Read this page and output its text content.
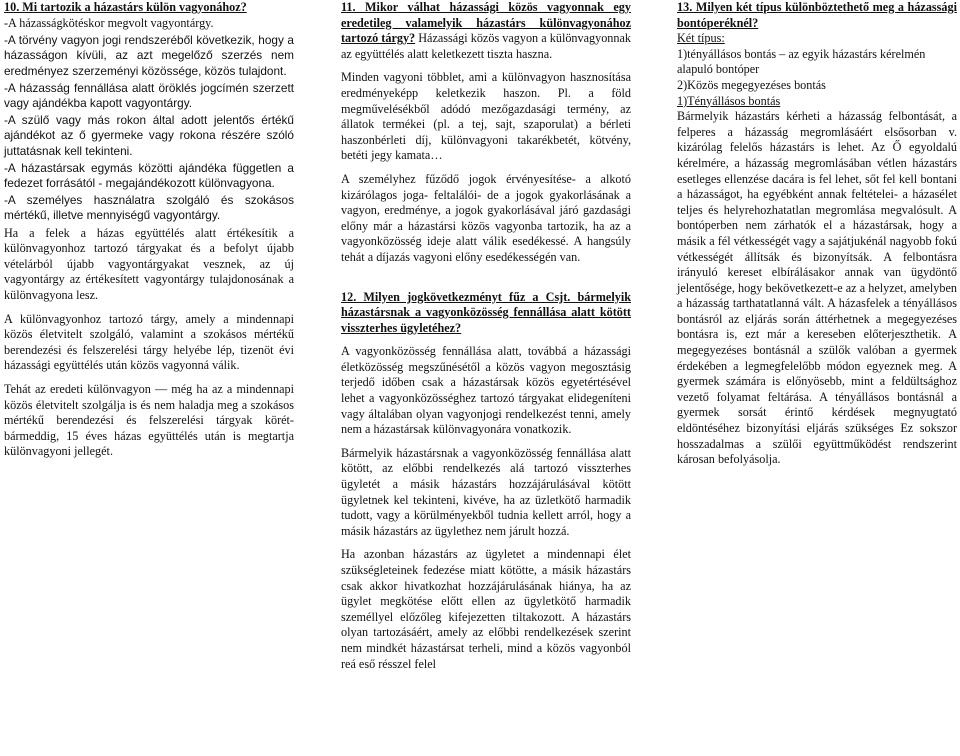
10. Mi tartozik a házastárs külön vagyonához?
-A házasságkötéskor megvolt vagyontárgy.
-A törvény vagyon jogi rendszeréből következik, hogy a házasságon kívüli, az azt megelőző szerzés nem eredményez szerzeményi közössége, közös tulajdont.
-A házasság fennállása alatt öröklés jogcímén szerzett vagy ajándékba kapott vagyontárgy.
-A szülő vagy más rokon által adott jelentős értékű ajándékot az ő gyermeke vagy rokona részére szóló juttatásnak kell tekinteni.
-A házastársak egymás közötti ajándéka független a fedezet forrásától - megajándékozott különvagyona.
-A személyes használatra szolgáló és szokásos mértékű, illetve mennyiségű vagyontárgy.
Ha a felek a házas együttélés alatt értékesítik a különvagyonhoz tartozó tárgyakat és a befolyt újabb vételárból újabb vagyontárgyakat vesznek, az új vagyontárgy az értékesített vagyontárgy tulajdonosának a különvagyona lesz.
A különvagyonhoz tartozó tárgy, amely a mindennapi közös életvitelt szolgáló, valamint a szokásos mértékű berendezési és felszerelési tárgy helyébe lép, tizenöt évi házassági együttélés után közös vagyonná válik.
Tehát az eredeti különvagyon — még ha az a mindennapi közös életvitelt szolgálja is és nem haladja meg a szokásos mértékű berendezési és felszerelési tárgyak körét- bármeddig, 15 éves házas együttélés után is megtartja különvagyoni jellegét.
11. Mikor válhat házassági közös vagyonnak egy eredetileg valamelyik házastárs különvagyonához tartozó tárgy? Házassági közös vagyon a különvagyonnak az együttélés alatt keletkezett tiszta haszna.
Minden vagyoni többlet, ami a különvagyon hasznosítása eredményeképp keletkezik haszon. Pl. a föld megművelésékből adódó mezőgazdasági termény, az állatok termékei (pl. a tej, sajt, szaporulat) a bérleti haszonbérleti díj, különvagyoni takarékbetét, kötvény, betéti jegy kamata…
A személyhez fűződő jogok érvényesítése- a alkotó kizárólagos joga- feltalálói- de a jogok gyakorlásának a vagyon, eredménye, a jogok gyakorlásával járó gazdasági előny már a házastársi közös vagyonba tartozik, ha az a vagyonközösség ideje alatt válik esedékessé. A hangsúly tehát a díjazás vagyoni előny esedékességén van.
12. Milyen jogkövetkezményt fűz a Csjt. bármelyik házastársnak a vagyonközösség fennállása alatt kötött visszterhes ügyletéhez?
A vagyonközösség fennállása alatt, továbbá a házassági életközösség megszűnésétől a közös vagyon megosztásig terjedő időben csak a házastársak közös egyetértésével lehet a vagyonközösséghez tartozó tárgyakat elidegeníteni vagy általában olyan vagyonjogi rendelkezést tenni, amely nem a házastársak különvagyonára vonatkozik.
Bármelyik házastársnak a vagyonközösség fennállása alatt kötött, az előbbi rendelkezés alá tartozó visszterhes ügyletét a másik házastárs hozzájárulásával kötött ügyletnek kel tekinteni, kivéve, ha az üzletkötő harmadik tudott, vagy a körülményekből tudnia kellett arról, hogy a másik házastárs az ügylethez nem járult hozzá.
Ha azonban házastárs az ügyletet a mindennapi élet szükségleteinek fedezése miatt kötötte, a másik házastárs csak akkor hivatkozhat hozzájárulásának hiánya, ha az ügylet megkötése előtt ellen az ügyletkötő harmadik személlyel előzőleg kifejezetten tiltakozott. A házastárs olyan tartozásáért, amely az előbbi rendelkezések szerint nem mindkét házastársat terheli, mind a közös vagyonból reá eső résszel felel
13. Milyen két típus különböztethető meg a házassági bontóperéknél?
Két típus:
1)tényállásos bontás – az egyik házastárs kérelmén alapuló bontóper
2)Közös megegyezéses bontás
1)Tényállásos bontás
Bármelyik házastárs kérheti a házasság felbontását, a felperes a házasság megromlásáért elsősorban v. kizárólag felelős házastárs is lehet. Az Ő egyoldalú kérelmére, a házasság megromlásában vétlen házastárs esetleges ellenzése dacára is fel lehet, sőt fel kell bontani a házasságot, ha egyébként annak feltételei- a házasélet teljes és helyrehozhatatlan megromlása megvalósult. A bontóperben nem zárhatók el a házastársak, hogy a másik a fél vétkességét vagy a sajátjukénál nagyobb fokú vétkességét állítsák és bizonyítsák. A felbontásra irányuló kereset elbírálásakor annak van ügydöntő jelentősége, hogy bekövetkezett-e az a helyzet, amelyben a házasság tarthatatlanná vált. A házasfelek a tényállásos bontásról az eljárás során áttérhetnek a megegyezéses bontásra is, ezt már a kereseben előterjeszthetik. A megegyezéses bontásnál a szülők valóban a gyermek érdekében a legmegfelelőbb módon egyeznek meg. A gyermek számára is előnyösebb, mint a feldültsághoz vezető folyamat feltárása. A tényállásos bontásnál a gyermek sorsát érintő kérdések megnyugtató eldöntéséhez bizonyítási eljárás szükséges Ez sokszor hosszadalmas a szülői együttműködést rendszerint károsan befolyásolja.
